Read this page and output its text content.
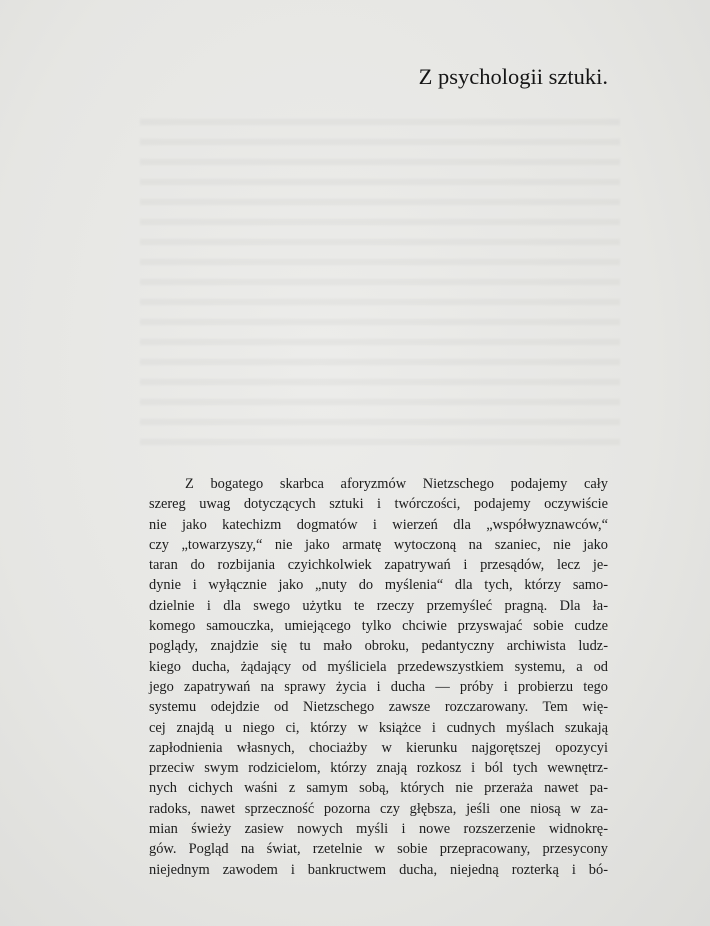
Z psychologii sztuki.
Z bogatego skarbca aforyzmów Nietzschego podajemy cały
szereg uwag dotyczących sztuki i twórczości, podajemy oczywiście
nie jako katechizm dogmatów i wierzeń dla „współwyznawców,“
czy „towarzyszy,“ nie jako armatę wytoczoną na szaniec, nie jako
taran do rozbijania czyichkolwiek zapatrywań i przesądów, lecz je-
dynie i wyłącznie jako „nuty do myślenia“ dla tych, którzy samo-
dzielnie i dla swego użytku te rzeczy przemyśleć pragną. Dla ła-
komego samouczka, umiejącego tylko chciwie przyswajać sobie cudze
poglądy, znajdzie się tu mało obroku, pedantyczny archiwista ludz-
kiego ducha, żądający od myśliciela przedewszystkiem systemu, a od
jego zapatrywań na sprawy życia i ducha — próby i probierzu tego
systemu odejdzie od Nietzschego zawsze rozczarowany. Tem wię-
cej znajdą u niego ci, którzy w książce i cudnych myślach szukają
zapłodnienia własnych, chociażby w kierunku najgorętszej opozycyi
przeciw swym rodzicielom, którzy znają rozkosz i ból tych wewnętrz-
nych cichych waśni z samym sobą, których nie przeraża nawet pa-
radoks, nawet sprzeczność pozorna czy głębsza, jeśli one niosą w za-
mian świeży zasiew nowych myśli i nowe rozszerzenie widnokrę-
gów. Pogląd na świat, rzetelnie w sobie przepracowany, przesycony
niejednym zawodem i bankructwem ducha, niejedną rozterką i bó-
